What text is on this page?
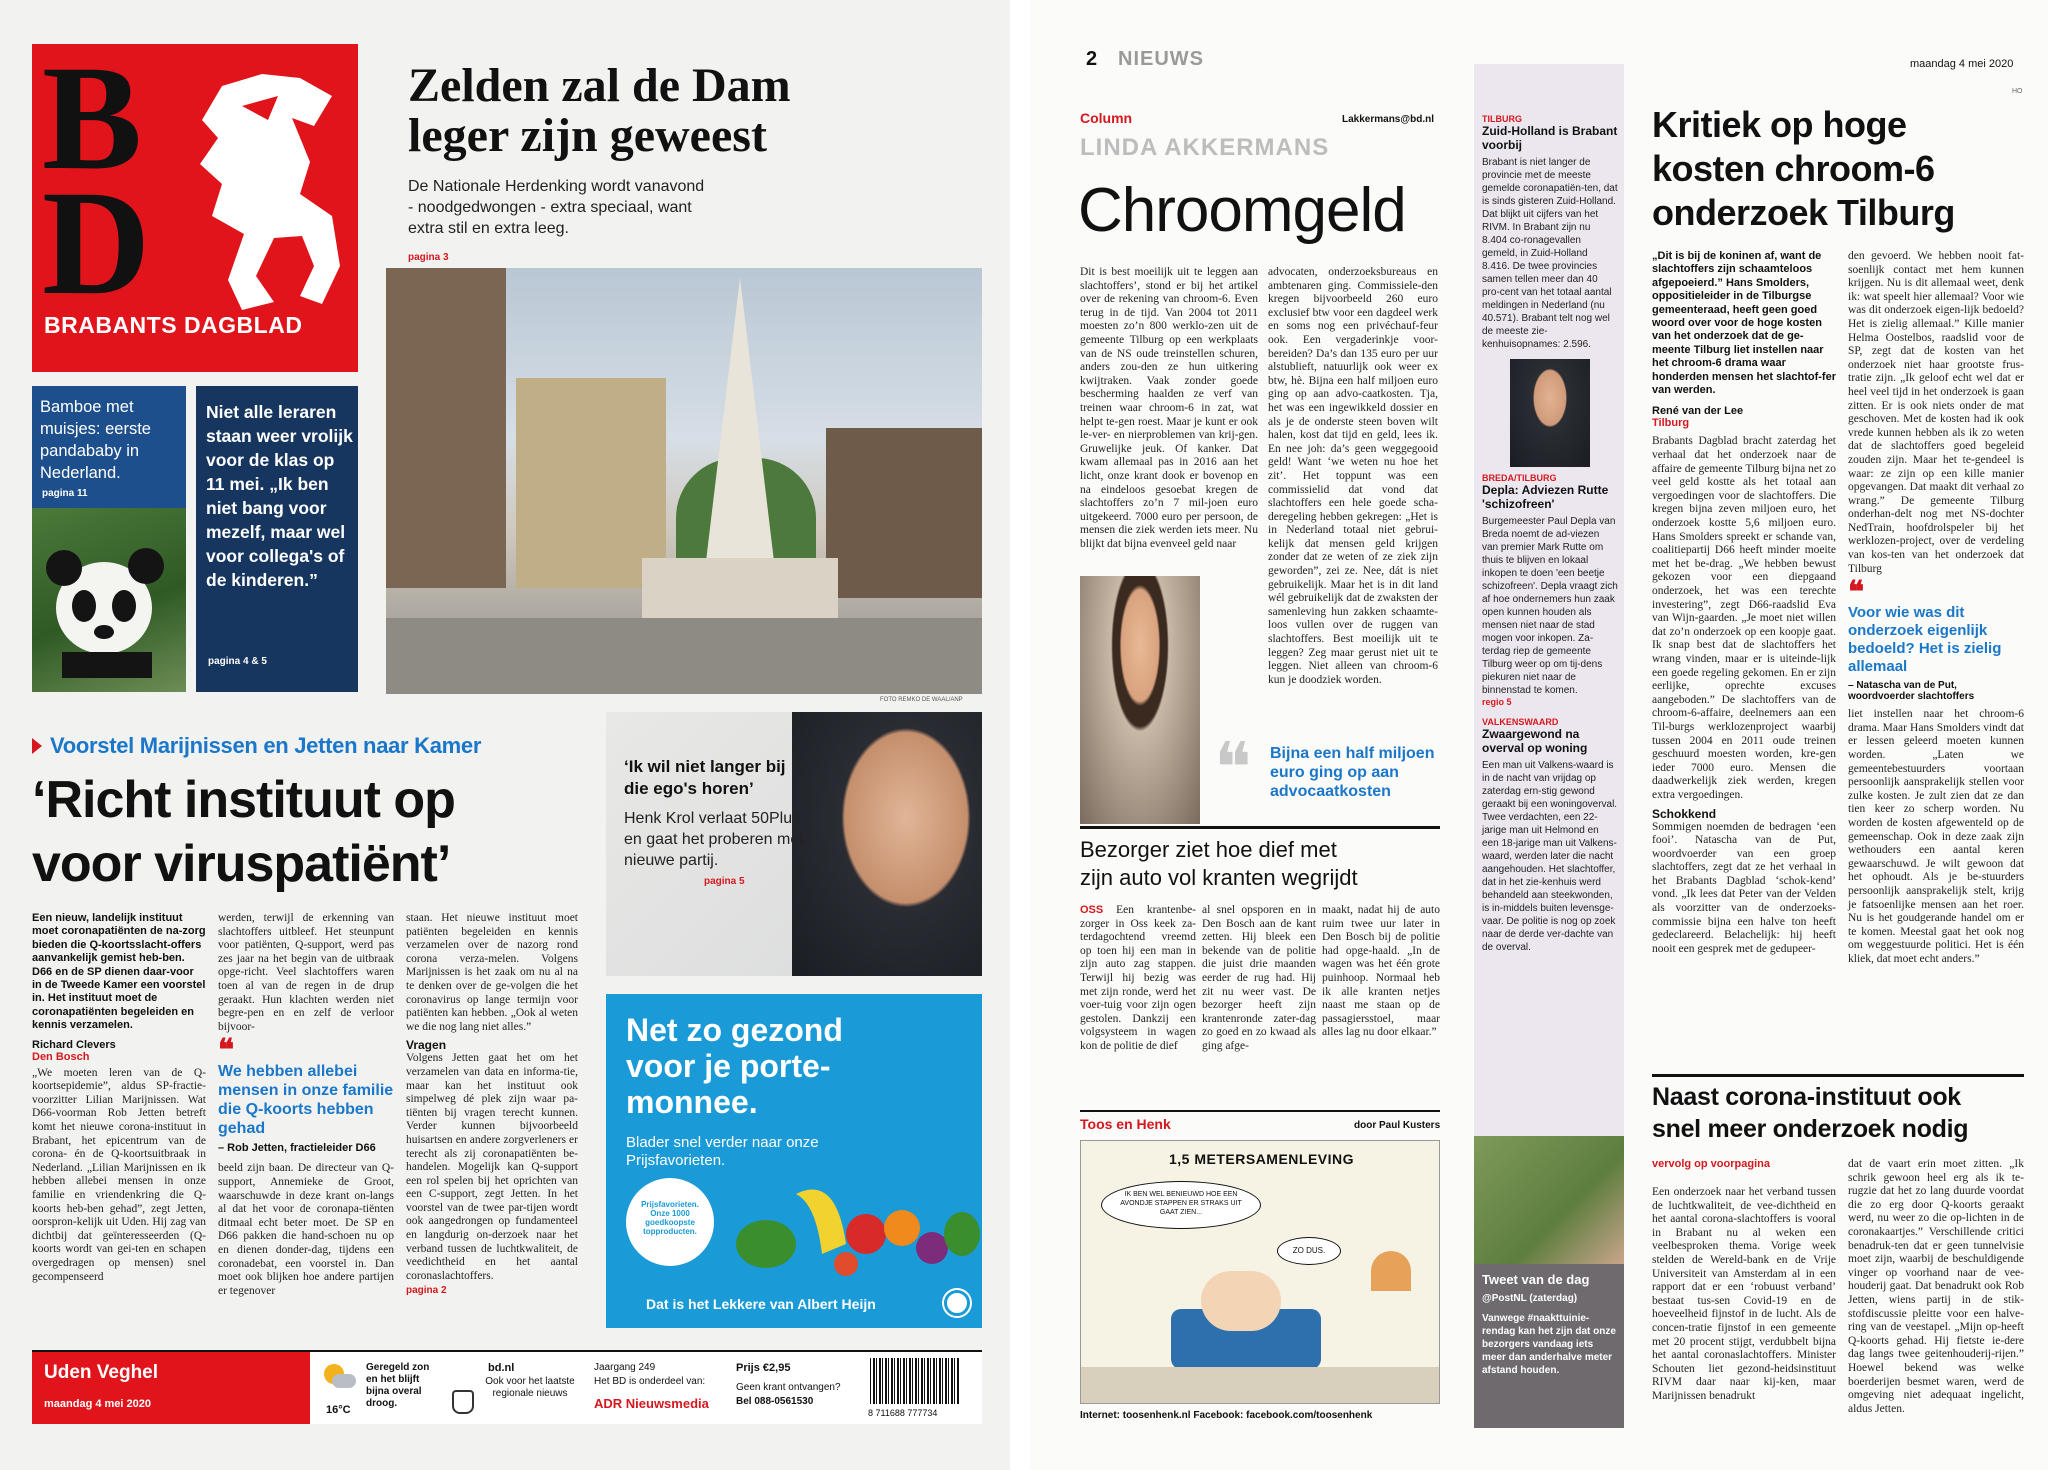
BD
BRABANTS DAGBLAD
Bamboe met muisjes: eerste pandababy in Nederland.
pagina 11
Niet alle leraren staan weer vrolijk voor de klas op 11 mei. „Ik ben niet bang voor mezelf, maar wel voor collega's of de kinderen.”
pagina 4 & 5
Zelden zal de Dam
leger zijn geweest
De Nationale Herdenking wordt vanavond - noodgedwongen - extra speciaal, want extra stil en extra leeg.
pagina 3
FOTO REMKO DE WAAL/ANP
Voorstel Marijnissen en Jetten naar Kamer
‘Richt instituut op
voor viruspatiënt’
Een nieuw, landelijk instituut moet coronapatiënten de na-zorg bieden die Q-koortsslacht-offers aanvankelijk gemist heb-ben. D66 en de SP dienen daar-voor in de Tweede Kamer een voorstel in. Het instituut moet de coronapatiënten begeleiden en kennis verzamelen.
Richard Clevers
Den Bosch
„We moeten leren van de Q-koortsepidemie”, aldus SP-fractie-voorzitter Lilian Marijnissen. Wat D66-voorman Rob Jetten betreft komt het nieuwe corona-instituut in Brabant, het epicentrum van de corona- én de Q-koortsuitbraak in Nederland. „Lilian Marijnissen en ik hebben allebei mensen in onze familie en vriendenkring die Q-koorts heb-ben gehad”, zegt Jetten, oorspron-kelijk uit Uden. Hij zag van dichtbij dat geïnteresseerden (Q-koorts wordt van gei-ten en schapen overgedragen op mensen) snel gecompenseerd
werden, terwijl de erkenning van slachtoffers uitbleef. Het steunpunt voor patiënten, Q-support, werd pas zes jaar na het begin van de uitbraak opge-richt. Veel slachtoffers waren toen al van de regen in de drup geraakt. Hun klachten werden niet begre-pen en en zelf de verloor bijvoor-
❝
We hebben allebei mensen in onze familie die Q-koorts hebben gehad
– Rob Jetten, fractieleider D66
beeld zijn baan. De directeur van Q-support, Annemieke de Groot, waarschuwde in deze krant on-langs al dat het voor de coronapa-tiënten ditmaal echt beter moet. De SP en D66 pakken die hand-schoen nu op en dienen donder-dag, tijdens een coronadebat, een voorstel in. Dan moet ook blijken hoe andere partijen er tegenover
staan. Het nieuwe instituut moet patiënten begeleiden en kennis verzamelen over de nazorg rond corona verza-melen. Volgens Marijnissen is het zaak om nu al na te denken over de ge-volgen die het coronavirus op lange termijn voor patiënten kan hebben. „Ook al weten we die nog lang niet alles.”
Vragen
Volgens Jetten gaat het om het verzamelen van data en informa-tie, maar kan het instituut ook simpelweg dé plek zijn waar pa-tiënten bij vragen terecht kunnen. Verder kunnen bijvoorbeeld huisartsen en andere zorgverleners er terecht als zij coronapatiënten be-handelen. Mogelijk kan Q-support een rol spelen bij het oprichten van een C-support, zegt Jetten. In het voorstel van de twee par-tijen wordt ook aangedrongen op fundamenteel en langdurig on-derzoek naar het verband tussen de luchtkwaliteit, de veedichtheid en het aantal coronaslachtoffers.
pagina 2
‘Ik wil niet langer bij die ego's horen’
Henk Krol verlaat 50Plus en gaat het proberen met nieuwe partij.
pagina 5
Net zo gezond
voor je porte-
monnee.
Blader snel verder naar onze Prijsfavorieten.
Prijsfavorieten. Onze 1000 goedkoopste topproducten.
Dat is het Lekkere van Albert Heijn
Uden Veghel
maandag 4 mei 2020	16°C
Geregeld zon en het blijft bijna overal droog.
bd.nl
Ook voor het laatste regionale nieuws
Jaargang 249
Het BD is onderdeel van:
ADR Nieuwsmedia
Prijs €2,95
Geen krant ontvangen?
Bel 088-0561530
8 711688 777734
2 NIEUWS	maandag 4 mei 2020
HO
Column	Lakkermans@bd.nl
LINDA AKKERMANS
Chroomgeld
Dit is best moeilijk uit te leggen aan slachtoffers’, stond er bij het artikel over de rekening van chroom-6. Even terug in de tijd. Van 2004 tot 2011 moesten zo’n 800 werklo-zen uit de gemeente Tilburg op een werkplaats van de NS oude treinstellen schuren, anders zou-den ze hun uitkering kwijtraken. Vaak zonder goede bescherming haalden ze verf van treinen waar chroom-6 in zat, wat helpt te-gen roest. Maar je kunt er ook le-ver- en nierproblemen van krij-gen. Gruwelijke jeuk. Of kanker. Dat kwam allemaal pas in 2016 aan het licht, onze krant dook er bovenop en na eindeloos gesoebat kregen de slachtoffers zo’n 7 mil-joen euro uitgekeerd. 7000 euro per persoon, de mensen die ziek werden iets meer. Nu blijkt dat bijna evenveel geld naar
advocaten, onderzoeksbureaus en ambtenaren ging. Commissiele-den kregen bijvoorbeeld 260 euro exclusief btw voor een dagdeel werk en soms nog een privéchauf-feur ook. Een vergaderinkje voor-bereiden? Da’s dan 135 euro per uur alstublieft, natuurlijk ook weer ex btw, hè. Bijna een half miljoen euro ging op aan advo-caatkosten. Tja, het was een ingewikkeld dossier en als je de onderste steen boven wilt halen, kost dat tijd en geld, lees ik. En nee joh: da’s geen weggegooid geld! Want ‘we weten nu hoe het zit’. Het toppunt was een commissielid dat vond dat slachtoffers een hele goede scha-deregeling hebben gekregen: „Het is in Nederland totaal niet gebrui-kelijk dat mensen geld krijgen zonder dat ze weten of ze ziek zijn geworden”, zei ze. Nee, dát is niet gebruikelijk. Maar het is in dit land wél gebruikelijk dat de zwaksten der samenleving hun zakken schaamte-loos vullen over de ruggen van slachtoffers. Best moeilijk uit te leggen? Zeg maar gerust niet uit te leggen. Niet alleen van chroom-6 kun je doodziek worden.
❝ Bijna een half miljoen euro ging op aan advocaatkosten
Bezorger ziet hoe dief met
zijn auto vol kranten wegrijdt
OSS Een krantenbe-zorger in Oss keek za-terdagochtend vreemd op toen hij een man in zijn auto zag stappen. Terwijl hij bezig was met zijn ronde, werd het voer-tuig voor zijn ogen gestolen. Dankzij een volgsysteem in wagen kon de politie de dief
al snel opsporen en in Den Bosch aan de kant zetten. Hij bleek een bekende van de politie die juist drie maanden eerder de rug had. Hij zit nu weer vast. De bezorger heeft zijn krantenronde zater-dag zo goed en zo kwaad als ging afge-
maakt, nadat hij de auto ruim twee uur later in Den Bosch bij de politie had opge-haald. „In de wagen was het één grote puinhoop. Normaal heb ik alle kranten netjes naast me staan op de passagiersstoel, maar alles lag nu door elkaar.”
Toos en Henk	door Paul Kusters
1,5 METERSAMENLEVING
IK BEN WEL BENIEUWD HOE EEN AVONDJE STAPPEN ER STRAKS UIT GAAT ZIEN...
ZO DUS.
Internet: toosenhenk.nl Facebook: facebook.com/toosenhenk
TILBURG
Zuid-Holland is Brabant voorbij
Brabant is niet langer de provincie met de meeste gemelde coronapatiën-ten, dat is sinds gisteren Zuid-Holland. Dat blijkt uit cijfers van het RIVM. In Brabant zijn nu 8.404 co-ronagevallen gemeld, in Zuid-Holland 8.416. De twee provincies samen tellen meer dan 40 pro-cent van het totaal aantal meldingen in Nederland (nu 40.571). Brabant telt nog wel de meeste zie-kenhuisopnames: 2.596.
BREDA/TILBURG
Depla: Adviezen Rutte 'schizofreen'
Burgemeester Paul Depla van Breda noemt de ad-viezen van premier Mark Rutte om thuis te blijven en lokaal inkopen te doen 'een beetje schizofreen'. Depla vraagt zich af hoe ondernemers hun zaak open kunnen houden als mensen niet naar de stad mogen voor inkopen. Za-terdag riep de gemeente Tilburg weer op om tij-dens piekuren niet naar de binnenstad te komen.
regio 5
VALKENSWAARD
Zwaargewond na overval op woning
Een man uit Valkens-waard is in de nacht van vrijdag op zaterdag ern-stig gewond geraakt bij een woningoverval. Twee verdachten, een 22-jarige man uit Helmond en een 18-jarige man uit Valkens-waard, werden later die nacht aangehouden. Het slachtoffer, dat in het zie-kenhuis werd behandeld aan steekwonden, is in-middels buiten levensge-vaar. De politie is nog op zoek naar de derde ver-dachte van de overval.
Tweet van de dag
@PostNL (zaterdag)
Vanwege #naakttuinie-rendag kan het zijn dat onze bezorgers vandaag iets meer dan anderhalve meter afstand houden.
Kritiek op hoge
kosten chroom-6
onderzoek Tilburg
„Dit is bij de koninen af, want de slachtoffers zijn schaamteloos afgepoeierd.” Hans Smolders, oppositieleider in de Tilburgse gemeenteraad, heeft geen goed woord over voor de hoge kosten van het onderzoek dat de ge-meente Tilburg liet instellen naar het chroom-6 drama waar honderden mensen het slachtof-fer van werden.
René van der Lee
Tilburg
Brabants Dagblad bracht zaterdag het verhaal dat het onderzoek naar de affaire de gemeente Tilburg bijna net zo veel geld kostte als het totaal aan vergoedingen voor de slachtoffers. Die kregen bijna zeven miljoen euro, het onderzoek kostte 5,6 miljoen euro. Hans Smolders spreekt er schande van, coalitiepartij D66 heeft minder moeite met het be-drag. „We hebben bewust gekozen voor een diepgaand onderzoek, het was een terechte investering”, zegt D66-raadslid Eva van Wijn-gaarden. „Je moet niet willen dat zo’n onderzoek op een koopje gaat. Ik snap best dat de slachtoffers het wrang vinden, maar er is uiteinde-lijk een goede regeling gekomen. En er zijn eerlijke, oprechte excuses aangeboden.” De slachtoffers van de chroom-6-affaire, deelnemers aan een Til-burgs werklozenproject waarbij tussen 2004 en 2011 oude treinen geschuurd moesten worden, kre-gen ieder 7000 euro. Mensen die daadwerkelijk ziek werden, kregen extra vergoedingen.
Schokkend
Sommigen noemden de bedragen ‘een fooi’. Natascha van de Put, woordvoerder van een groep slachtoffers, zegt dat ze het verhaal in het Brabants Dagblad ‘schok-kend’ vond. „Ik lees dat Peter van der Velden als voorzitter van de onderzoeks-commissie bijna een halve ton heeft gedeclareerd. Belachelijk: hij heeft nooit een gesprek met de gedupeer-
den gevoerd. We hebben nooit fat-soenlijk contact met hem kunnen krijgen. Nu is dit allemaal weet, denk ik: wat speelt hier allemaal? Voor wie was dit onderzoek eigen-lijk bedoeld? Het is zielig allemaal.” Kille manier Helma Oostelbos, raadslid voor de SP, zegt dat de kosten van het onderzoek niet haar grootste frus-tratie zijn. „Ik geloof echt wel dat er heel veel tijd in het onderzoek is gaan zitten. Er is ook niets onder de mat geschoven. Met de kosten had ik ook vrede kunnen hebben als ik zo weten dat de slachtoffers goed begeleid zouden zijn. Maar het te-gendeel is waar: ze zijn op een kille manier opgevangen. Dat maakt dit verhaal zo wrang.” De gemeente Tilburg onderhan-delt nog met NS-dochter NedTrain, hoofdrolspeler bij het werklozen-project, over de verdeling van kos-ten van het onderzoek dat Tilburg
❝
Voor wie was dit onderzoek eigenlijk bedoeld? Het is zielig allemaal
– Natascha van de Put, woordvoerder slachtoffers
liet instellen naar het chroom-6 drama. Maar Hans Smolders vindt dat er lessen geleerd moeten kunnen worden. „Laten we gemeentebestuurders voortaan persoonlijk aansprakelijk stellen voor zulke kosten. Je zult zien dat ze dan tien keer zo scherp worden. Nu worden de kosten afgewenteld op de gemeenschap. Ook in deze zaak zijn wethouders een aantal keren gewaarschuwd. Je wilt gewoon dat het ophoudt. Als je be-stuurders persoonlijk aansprakelijk stelt, krijg je fatsoenlijke mensen aan het roer. Nu is het goudgerande handel om er te komen. Meestal gaat het ook nog om weggestuurde politici. Het is één kliek, dat moet echt anders.”
Naast corona-instituut ook
snel meer onderzoek nodig
vervolg op voorpagina
Een onderzoek naar het verband tussen de luchtkwaliteit, de vee-dichtheid en het aantal corona-slachtoffers is vooral in Brabant nu al weken een veelbesproken thema. Vorige week stelden de Wereld-bank en de Vrije Universiteit van Amsterdam al in een rapport dat er een ‘robuust verband’ bestaat tus-sen Covid-19 en de hoeveelheid fijnstof in de lucht. Als de concen-tratie fijnstof in een gemeente met 20 procent stijgt, verdubbelt bijna het aantal coronaslachtoffers. Minister Schouten liet gezond-heidsinstituut RIVM daar naar kij-ken, maar Marijnissen benadrukt
dat de vaart erin moet zitten. „Ik schrik gewoon heel erg als ik te-rugzie dat het zo lang duurde voordat die zo erg door Q-koorts geraakt werd, nu weer zo die op-lichten in de coronakaartjes.” Verschillende critici benadruk-ten dat er geen tunnelvisie moet zijn, waarbij de beschuldigende vinger op voorhand naar de vee-houderij gaat. Dat benadrukt ook Rob Jetten, wiens partij in de stik-stofdiscussie pleitte voor een halve-ring van de veestapel. „Mijn op-heeft Q-koorts gehad. Hij fietste ie-dere dag langs twee geitenhouderij-rijen.” Hoewel bekend was welke boerderijen besmet waren, werd de omgeving niet adequaat ingelicht, aldus Jetten.
